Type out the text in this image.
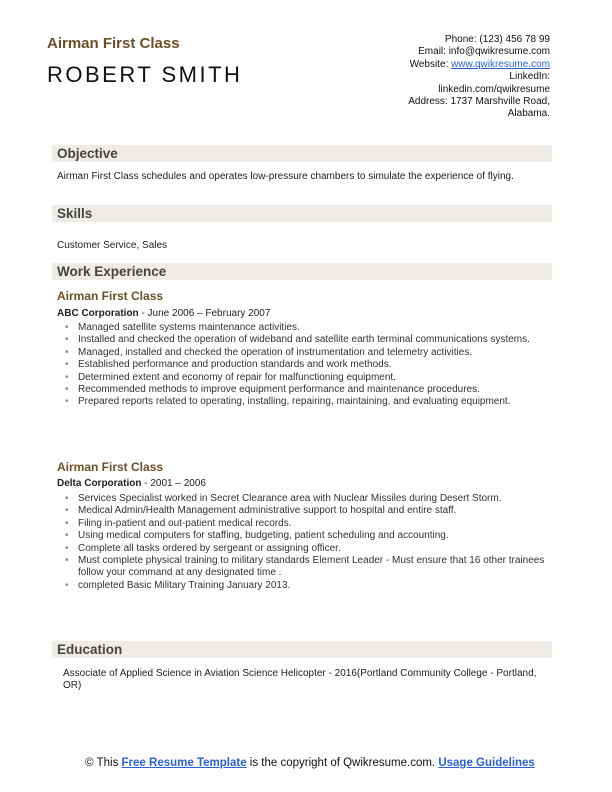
Airman First Class
ROBERT SMITH
Phone: (123) 456 78 99
Email: info@qwikresume.com
Website: www.qwikresume.com
LinkedIn:
linkedin.com/qwikresume
Address: 1737 Marshville Road,
Alabama.
Objective

Airman First Class schedules and operates low-pressure chambers to simulate the experience of flying.

Skills

Customer Service, Sales

Work Experience

Airman First Class

ABC Corporation - June 2006 – February 2007

• Managed satellite systems maintenance activities.
• Installed and checked the operation of wideband and satellite earth terminal communications systems.
• Managed, installed and checked the operation of instrumentation and telemetry activities.
• Established performance and production standards and work methods.
• Determined extent and economy of repair for malfunctioning equipment.
• Recommended methods to improve equipment performance and maintenance procedures.
• Prepared reports related to operating, installing, repairing, maintaining, and evaluating equipment.

Airman First Class

Delta Corporation - 2001 – 2006

• Services Specialist worked in Secret Clearance area with Nuclear Missiles during Desert Storm.
• Medical Admin/Health Management administrative support to hospital and entire staff.
• Filing in-patient and out-patient medical records.
• Using medical computers for staffing, budgeting, patient scheduling and accounting.
• Complete all tasks ordered by sergeant or assigning officer.
• Must complete physical training to military standards Element Leader - Must ensure that 16 other trainees follow your command at any designated time .
• completed Basic Military Training January 2013.
Education

Associate of Applied Science in Aviation Science Helicopter - 2016(Portland Community College - Portland, OR)

© This Free Resume Template is the copyright of Qwikresume.com. Usage Guidelines
